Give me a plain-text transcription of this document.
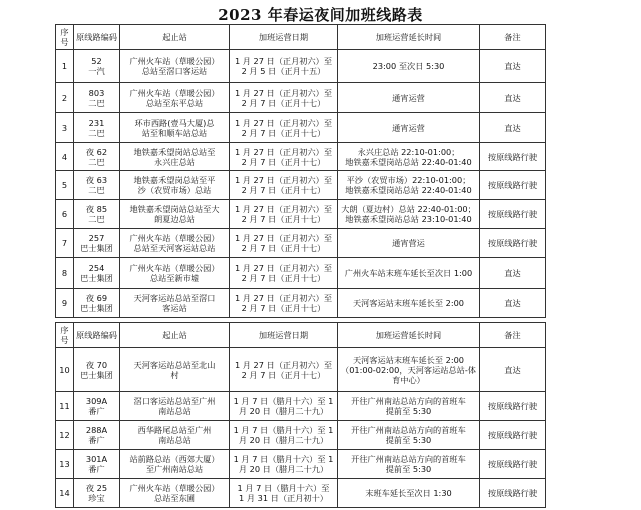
2023 年春运夜间加班线路表
序号	原线路编码	起止站	加班运营日期	加班运营延长时间	备注
1	52
一汽	广州火车站（草暖公园）
总站至滘口客运站	1 月 27 日（正月初六）至
2 月 5 日（正月十五）	23:00 至次日 5:30	直达
2	803
二巴	广州火车站（草暖公园）
总站至东平总站	1 月 27 日（正月初六）至
2 月 7 日（正月十七）	通宵运营	直达
3	231
二巴	环市西路(壹马大厦)总
站至和顺车站总站	1 月 27 日（正月初六）至
2 月 7 日（正月十七）	通宵运营	直达
4	夜 62
二巴	地铁嘉禾望岗站总站至
永兴庄总站	1 月 27 日（正月初六）至
2 月 7 日（正月十七）	永兴庄总站 22:10-01:00；
地铁嘉禾望岗站总站 22:40-01:40	按原线路行驶
5	夜 63
二巴	地铁嘉禾望岗总站至平
沙（农贸市场）总站	1 月 27 日（正月初六）至
2 月 7 日（正月十七）	平沙（农贸市场）22:10-01:00；
地铁嘉禾望岗站总站 22:40-01:40	按原线路行驶
6	夜 85
二巴	地铁嘉禾望岗站总站至大
朗夏边总站	1 月 27 日（正月初六）至
2 月 7 日（正月十七）	大朗（夏边村）总站 22:40-01:00；
地铁嘉禾望岗站总站 23:10-01:40	按原线路行驶
7	257
巴士集团	广州火车站（草暖公园）
总站至天河客运站总站	1 月 27 日（正月初六）至
2 月 7 日（正月十七）	通宵营运	按原线路行驶
8	254
巴士集团	广州火车站（草暖公园）
总站至新市墟	1 月 27 日（正月初六）至
2 月 7 日（正月十七）	广州火车站末班车延长至次日 1:00	直达
9	夜 69
巴士集团	天河客运站总站至滘口
客运站	1 月 27 日（正月初六）至
2 月 7 日（正月十七）	天河客运站末班车延长至 2:00	直达
序号	原线路编码	起止站	加班运营日期	加班运营延长时间	备注
10	夜 70
巴士集团	天河客运站总站至北山
村	1 月 27 日（正月初六）至
2 月 7 日（正月十七）	天河客运站末班车延长至 2:00
（01:00-02:00，天河客运站总站-体
育中心）	直达
11	309A
番广	滘口客运站总站至广州
南站总站	1 月 7 日（腊月十六）至 1
月 20 日（腊月二十九）	开往广州南站总站方向的首班车
提前至 5:30	按原线路行驶
12	288A
番广	西华路尾总站至广州
南站总站	1 月 7 日（腊月十六）至 1
月 20 日（腊月二十九）	开往广州南站总站方向的首班车
提前至 5:30	按原线路行驶
13	301A
番广	站前路总站（西郊大厦）
至广州南站总站	1 月 7 日（腊月十六）至 1
月 20 日（腊月二十九）	开往广州南站总站方向的首班车
提前至 5:30	按原线路行驶
14	夜 25
珍宝	广州火车站（草暖公园）
总站至东圃	1 月 7 日（腊月十六）至
1 月 31 日（正月初十）	末班车延长至次日 1:30	按原线路行驶
